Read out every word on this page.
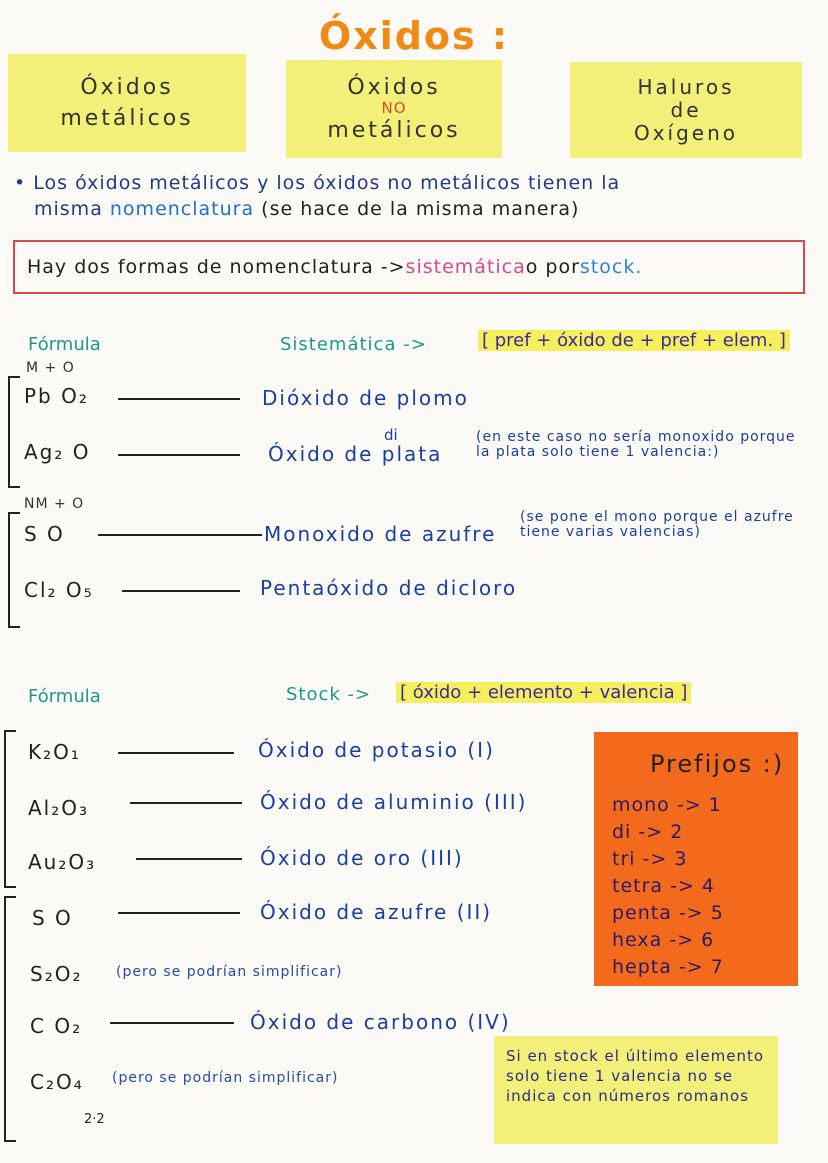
Óxidos :
Óxidos
metálicos
Óxidos
NO
metálicos
Haluros
de
Oxígeno
• Los óxidos metálicos y los óxidos no metálicos tienen la
misma nomenclatura (se hace de la misma manera)
Hay dos formas de nomenclatura -> sistemática o por stock.
Fórmula	Sistemática ->	[ pref + óxido de + pref + elem. ]
M + O
Pb O₂	Dióxido de plomo
Ag₂ O	Óxido de plata
di	(en este caso no sería monoxido porque la plata solo tiene 1 valencia:)
NM + O
S O	Monoxido de azufre
(se pone el mono porque el azufre tiene varias valencias)
Cl₂ O₅	Pentaóxido de dicloro
Fórmula	Stock -> [ óxido + elemento + valencia ]
K₂O₁	Óxido de potasio (I)
Al₂O₃	Óxido de aluminio (III)
Au₂O₃	Óxido de oro (III)
S O	Óxido de azufre (II)
S₂O₂ (pero se podrían simplificar)
C O₂	Óxido de carbono (IV)
C₂O₄ (pero se podrían simplificar)
2·2
Prefijos :)
mono -> 1
di -> 2
tri -> 3
tetra -> 4
penta -> 5
hexa -> 6
hepta -> 7
Si en stock el último elemento solo tiene 1 valencia no se indica con números romanos
